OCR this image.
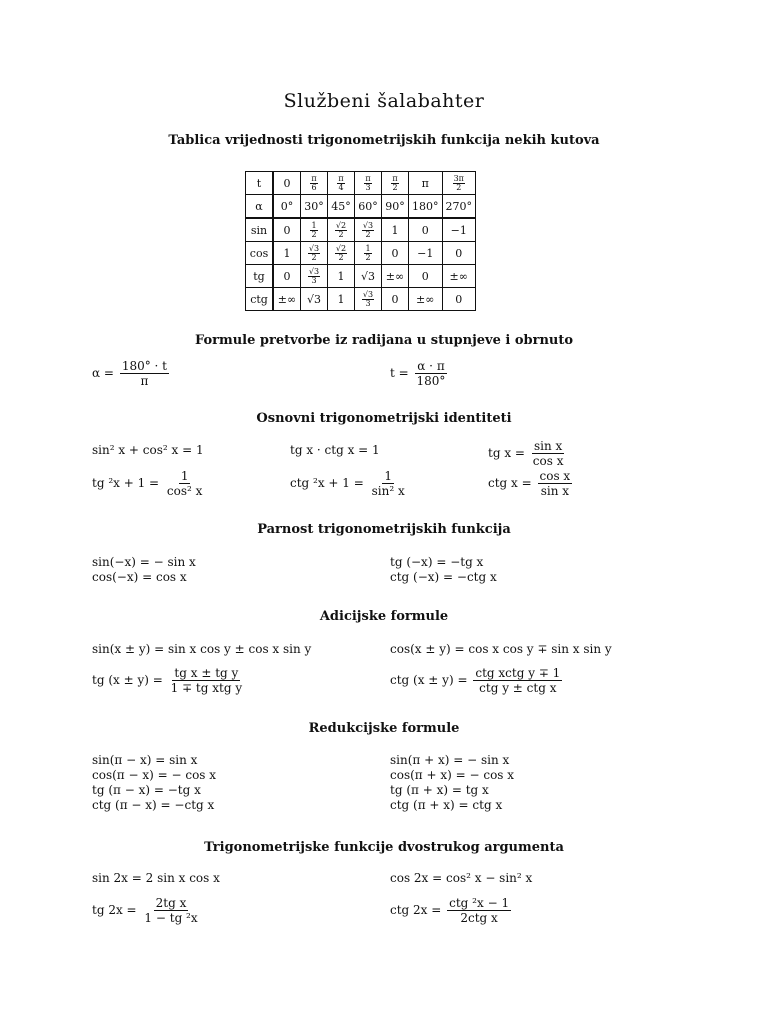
Službeni šalabahter
Tablica vrijednosti trigonometrijskih funkcija nekih kutova
t	0	$\frac{\pi}{6}$	$\frac{\pi}{4}$	$\frac{\pi}{3}$	$\frac{\pi}{2}$	π	$\frac{3\pi}{2}$

α	0°	30°	45°	60°	90°	180°	270°
sin	0	$\frac{1}{2}$	$\frac{√2}{2}$	$\frac{√3}{2}$	1	0	−1
cos	1	$\frac{√3}{2}$	$\frac{√2}{2}$	$\frac{1}{2}$	0	−1	0
tg	0	$\frac{√3}{3}$	1	√3	±∞	0	±∞
ctg	±∞	√3	1	$\frac{√3}{3}$	0	±∞	0
Formule pretvorbe iz radijana u stupnjeve i obrnuto
$\alpha = \frac{180^\circ \cdot t}{\pi}$	$t = \frac{\alpha \cdot \pi}{180^\circ}$
Osnovni trigonometrijski identiteti
sin² x + cos² x = 1	tg x · ctg x = 1	tg $x = \frac{\text{sin x}}{\text{cos x}}$
tg $^2x + 1 = \frac{1}{\text{cos² x}}$	ctg $^2x + 1 = \frac{1}{\text{sin² x}}$	ctg $x = \frac{\text{cos x}}{\text{sin x}}$
Parnost trigonometrijskih funkcija
sin(−x) = − sin x
cos(−x) = cos x
tg (−x) = −tg x
ctg (−x) = −ctg x
Adicijske formule
sin(x ± y) = sin x cos y ± cos x sin y	cos(x ± y) = cos x cos y ∓ sin x sin y
tg $(x \pm y) = \frac{\text{tg x ± tg y}}{\text{1 ∓ tg xtg y}}$	ctg $(x \pm y) = \frac{\text{ctg xctg y ∓ 1}}{\text{ctg y ± ctg x}}$
Redukcijske formule
sin(π − x) = sin x
cos(π − x) = − cos x
tg (π − x) = −tg x
ctg (π − x) = −ctg x
sin(π + x) = − sin x
cos(π + x) = − cos x
tg (π + x) = tg x
ctg (π + x) = ctg x
Trigonometrijske funkcije dvostrukog argumenta
sin 2x = 2 sin x cos x	cos 2x = cos² x − sin² x
tg $2x = \frac{\text{2tg x}}{\text{1 − tg ²x}}$	ctg $2x = \frac{\text{ctg ²x − 1}}{\text{2ctg x}}$
